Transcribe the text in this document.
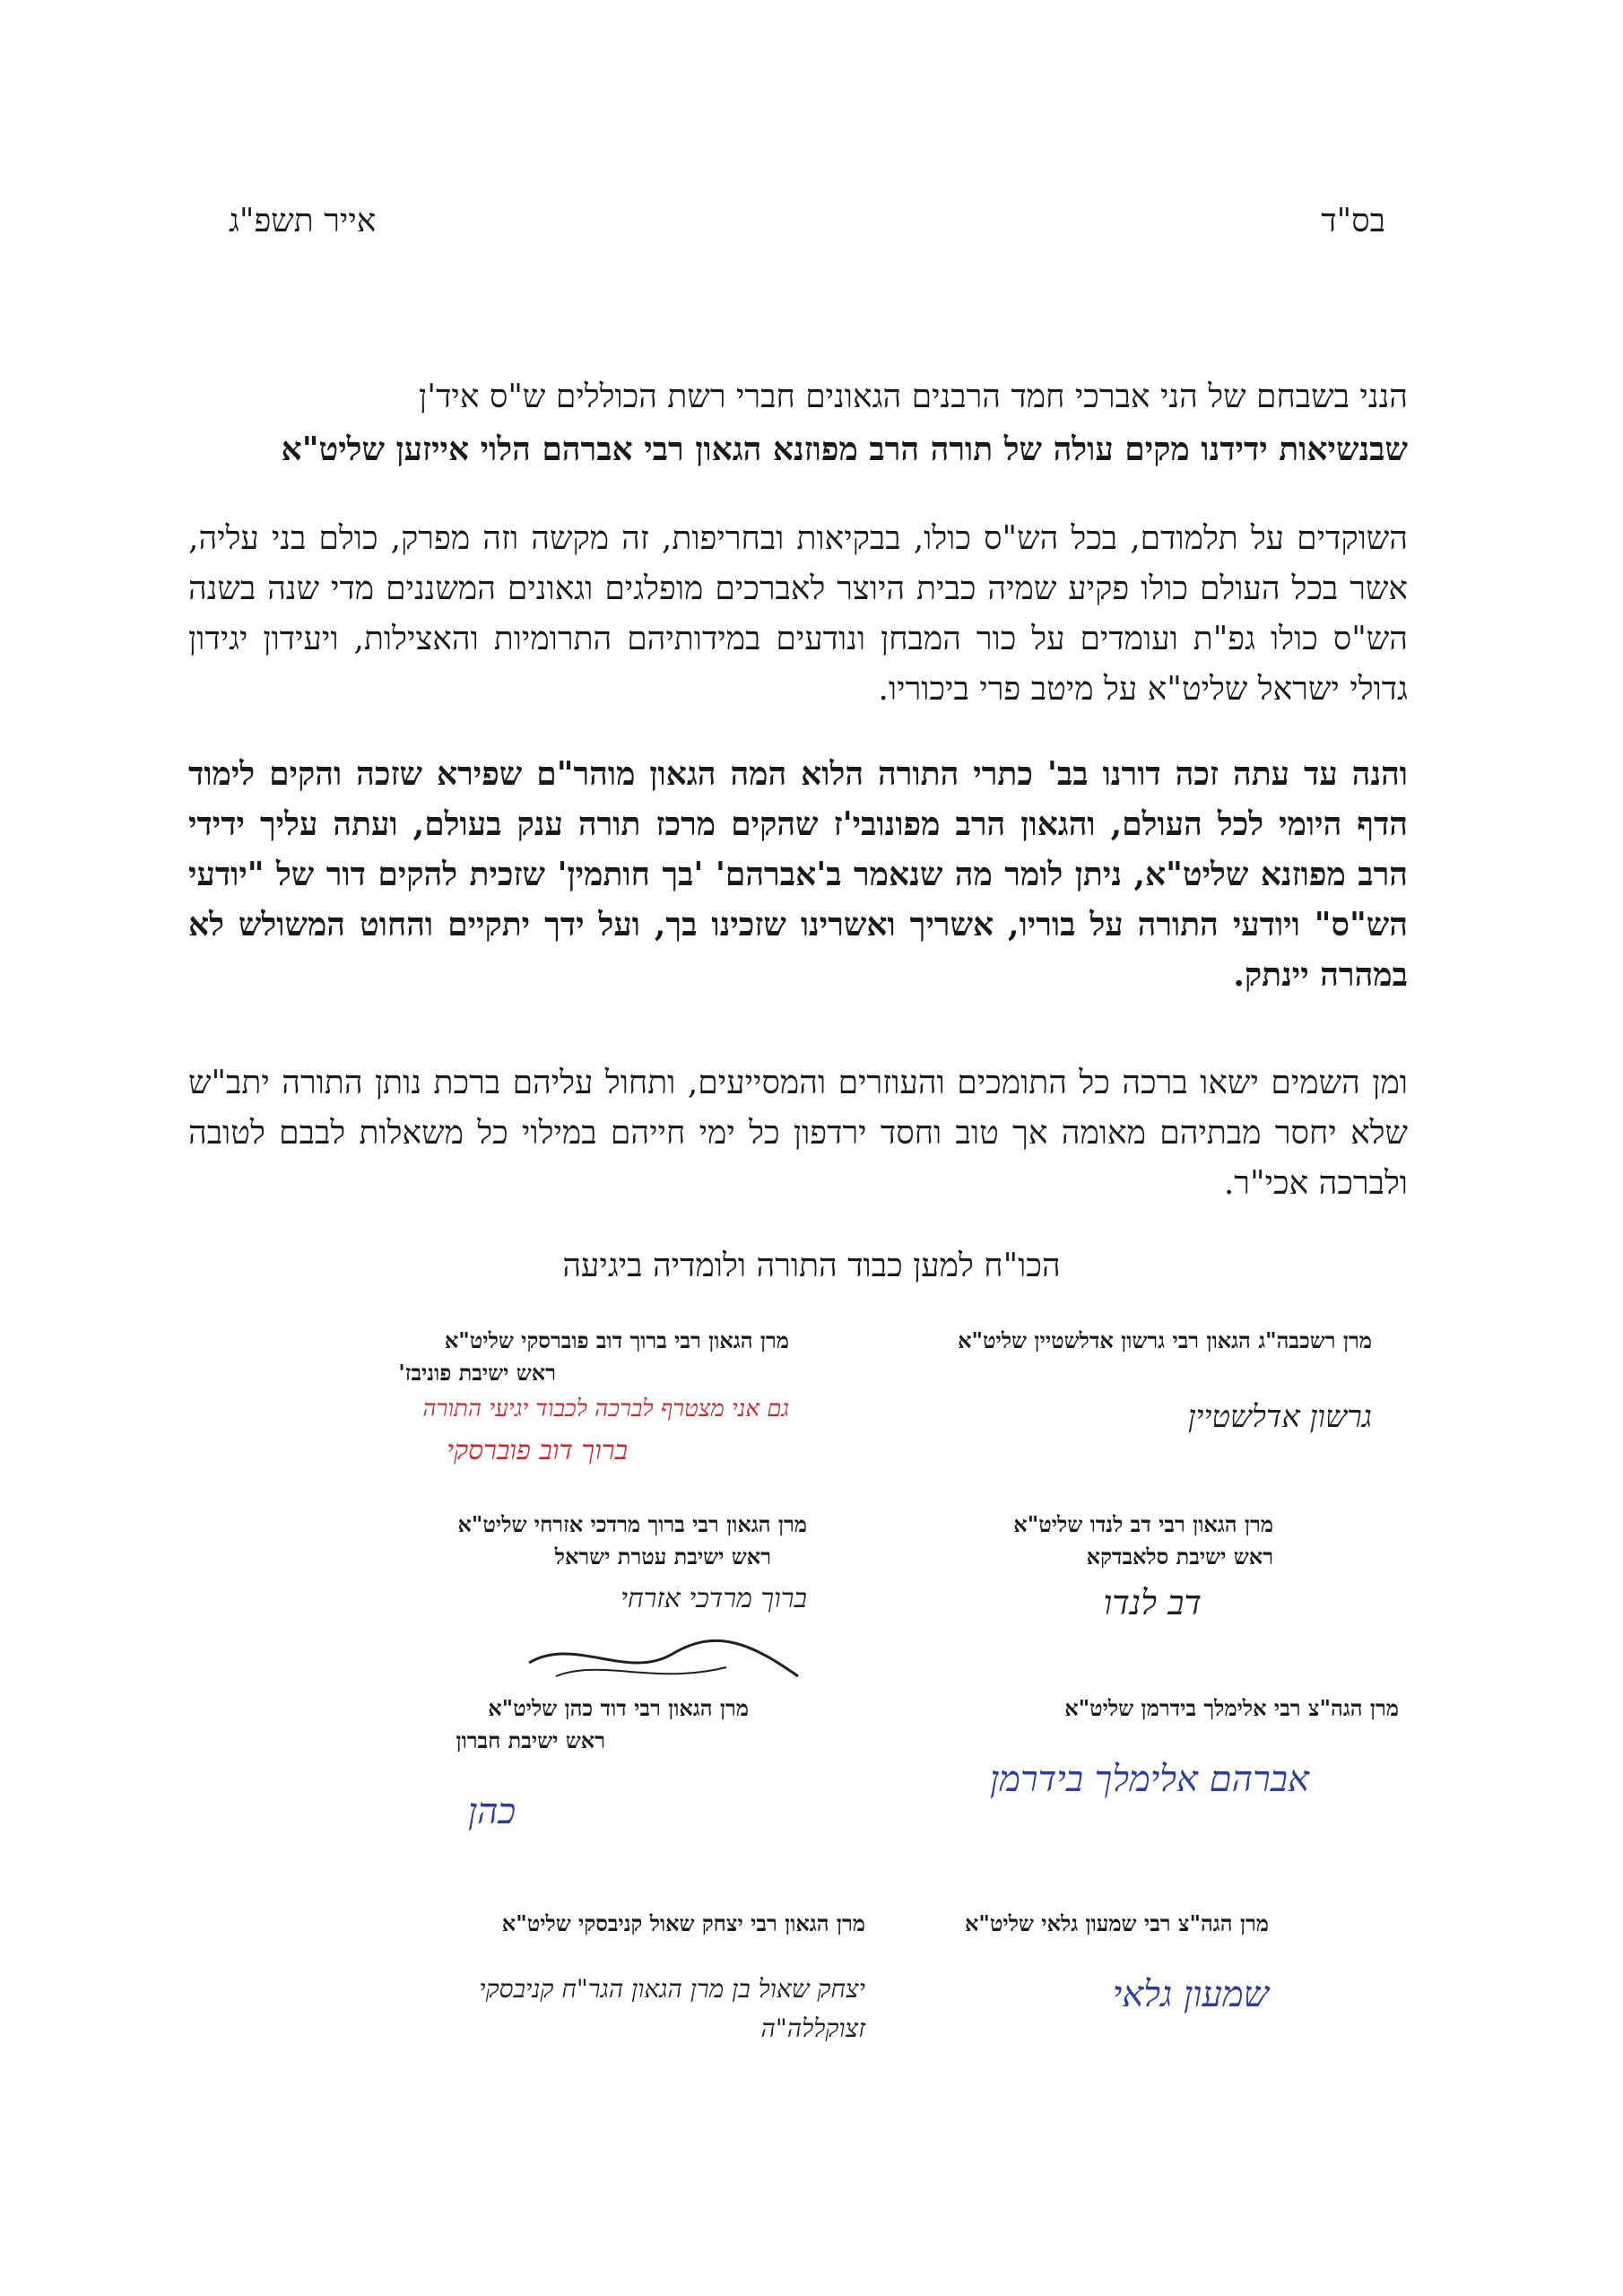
בס"ד
אייר תשפ"ג

הנני בשבחם של הני אברכי חמד הרבנים הגאונים חברי רשת הכוללים ש"ס איד'ן

שבנשיאות ידידנו מקים עולה של תורה הרב מפוזנא הגאון רבי אברהם הלוי אייזען שליט"א

השוקדים על תלמודם, בכל הש"ס כולו, בבקיאות ובחריפות, זה מקשה וזה מפרק, כולם בני עליה, אשר בכל העולם כולו פקיע שמיה כבית היוצר לאברכים מופלגים וגאונים המשננים מדי שנה בשנה הש"ס כולו גפ"ת ועומדים על כור המבחן ונודעים במידותיהם התרומיות והאצילות, ויעידון יגידון גדולי ישראל שליט"א על מיטב פרי ביכוריו.

והנה עד עתה זכה דורנו בב' כתרי התורה הלוא המה הגאון מוהר"ם שפירא שזכה והקים לימוד הדף היומי לכל העולם, והגאון הרב מפונובי'ז שהקים מרכז תורה ענק בעולם, ועתה עליך ידידי הרב מפוזנא שליט"א, ניתן לומר מה שנאמר ב'אברהם' 'בך חותמין' שזכית להקים דור של "יודעי הש"ס" ויודעי התורה על בוריו, אשריך ואשרינו שזכינו בך, ועל ידך יתקיים והחוט המשולש לא במהרה יינתק.

ומן השמים ישאו ברכה כל התומכים והעוזרים והמסייעים, ותחול עליהם ברכת נותן התורה יתב"ש שלא יחסר מבתיהם מאומה אך טוב וחסד ירדפון כל ימי חייהם במילוי כל משאלות לבבם לטובה ולברכה אכי"ר.

הכו"ח למען כבוד התורה ולומדיה ביגיעה
מרן רשכבה"ג הגאון רבי גרשון אדלשטיין שליט"א
גרשון אדלשטיין
מרן הגאון רבי ברוך דוב פוברסקי שליט"א
ראש ישיבת פוניבז'
גם אני מצטרף לברכה לכבוד יגיעי התורה
ברוך דוב פוברסקי
מרן הגאון רבי דב לנדו שליט"א
ראש ישיבת סלאבדקא
דב לנדו
מרן הגאון רבי ברוך מרדכי אזרחי שליט"א
ראש ישיבת עטרת ישראל
ברוך מרדכי אזרחי
מרן הגה"צ רבי אלימלך בידרמן שליט"א
אברהם אלימלך בידרמן
מרן הגאון רבי דוד כהן שליט"א
ראש ישיבת חברון
כהן
מרן הגה"צ רבי שמעון גלאי שליט"א
שמעון גלאי
מרן הגאון רבי יצחק שאול קניבסקי שליט"א
יצחק שאול בן מרן הגאון הגר"ח קניבסקי זצוקללה"ה
